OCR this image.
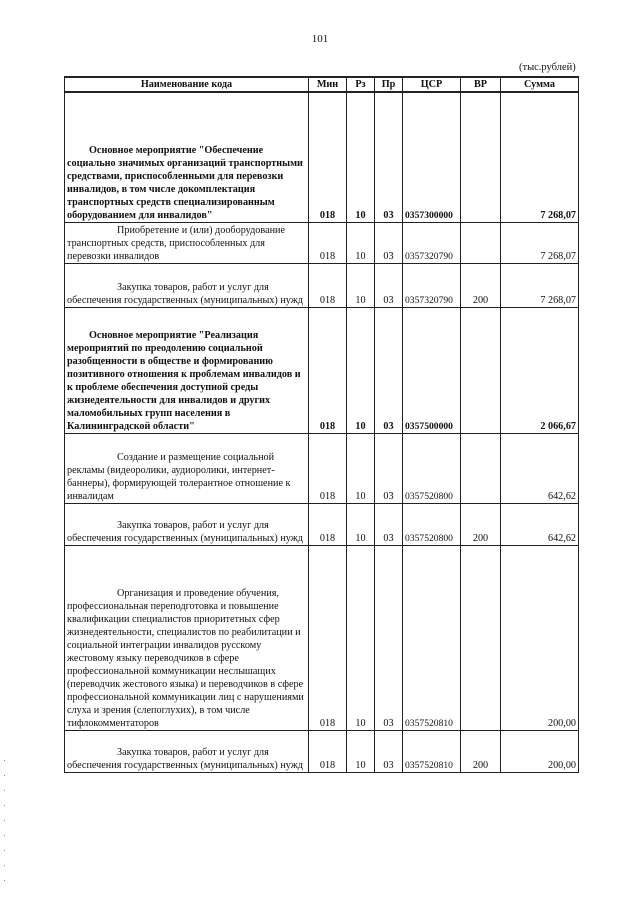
101
(тыс.рублей)
Наименование кода	Мин	Рз	Пр	ЦСР	ВР	Сумма

Основное мероприятие "Обеспечение социально значимых организаций транспортными средствами, приспособленными для перевозки инвалидов, в том числе докомплектация транспортных средств специализированным оборудованием для инвалидов"	018	10	03	0357300000		7 268,07

Приобретение и (или) дооборудование транспортных средств, приспособленных для перевозки инвалидов	018	10	03	0357320790		7 268,07

Закупка товаров, работ и услуг для обеспечения государственных (муниципальных) нужд	018	10	03	0357320790	200	7 268,07

Основное мероприятие "Реализация мероприятий по преодолению социальной разобщенности в обществе и формированию позитивного отношения к проблемам инвалидов и к проблеме обеспечения доступной среды жизнедеятельности для инвалидов и других маломобильных групп населения в Калининградской области"	018	10	03	0357500000		2 066,67

Создание и размещение социальной рекламы (видеоролики, аудиоролики, интернет-баннеры), формирующей толерантное отношение к инвалидам	018	10	03	0357520800		642,62

Закупка товаров, работ и услуг для обеспечения государственных (муниципальных) нужд	018	10	03	0357520800	200	642,62

Организация и проведение обучения, профессиональная переподготовка и повышение квалификации специалистов приоритетных сфер жизнедеятельности, специалистов по реабилитации и социальной интеграции инвалидов русскому жестовому языку переводчиков в сфере профессиональной коммуникации неслышащих (переводчик жестового языка) и переводчиков в сфере профессиональной коммуникации лиц с нарушениями слуха и зрения (слепоглухих), в том числе тифлокомментаторов	018	10	03	0357520810		200,00

Закупка товаров, работ и услуг для обеспечения государственных (муниципальных) нужд	018	10	03	0357520810	200	200,00
